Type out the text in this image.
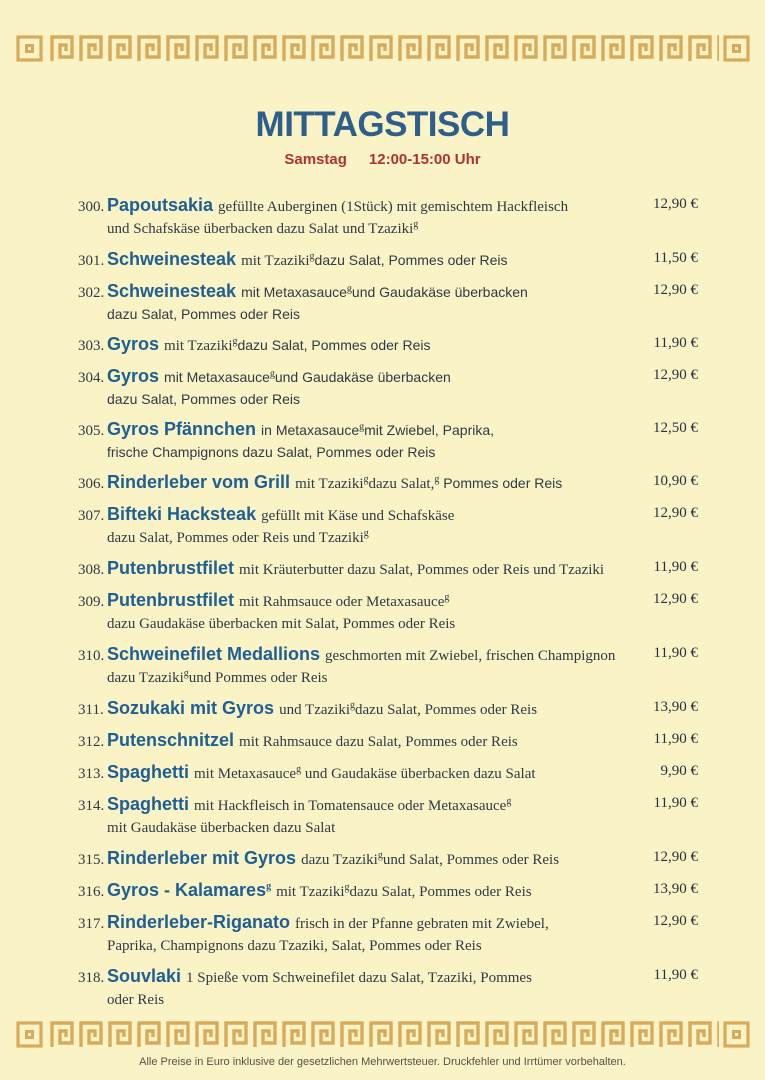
MITTAGSTISCH
Samstag 12:00-15:00 Uhr
300. Papoutsakia gefüllte Auberginen (1Stück) mit gemischtem Hackfleisch
und Schafskäse überbacken dazu Salat und Tzaziki$^g$
12,90 €
301. Schweinesteak mit Tzaziki$^g$dazu Salat, Pommes oder Reis	11,50 €
302. Schweinesteak mit Metaxasauce$^g$und Gaudakäse überbacken
dazu Salat, Pommes oder Reis
12,90 €
303. Gyros mit Tzaziki$^g$dazu Salat, Pommes oder Reis	11,90 €
304. Gyros mit Metaxasauce$^g$und Gaudakäse überbacken
dazu Salat, Pommes oder Reis
12,90 €
305. Gyros Pfännchen in Metaxasauce$^g$mit Zwiebel, Paprika,
frische Champignons dazu Salat, Pommes oder Reis
12,50 €
306. Rinderleber vom Grill mit Tzaziki$^g$dazu Salat,$^g$ Pommes oder Reis	10,90 €
307. Bifteki Hacksteak gefüllt mit Käse und Schafskäse
dazu Salat, Pommes oder Reis und Tzaziki$^g$
12,90 €
308. Putenbrustfilet mit Kräuterbutter dazu Salat, Pommes oder Reis und Tzaziki	11,90 €
309. Putenbrustfilet mit Rahmsauce oder Metaxasauce$^g$
dazu Gaudakäse überbacken mit Salat, Pommes oder Reis
12,90 €
310. Schweinefilet Medallions geschmorten mit Zwiebel, frischen Champignon
dazu Tzaziki$^g$und Pommes oder Reis
11,90 €
311. Sozukaki mit Gyros und Tzaziki$^g$dazu Salat, Pommes oder Reis	13,90 €
312. Putenschnitzel mit Rahmsauce dazu Salat, Pommes oder Reis	11,90 €
313. Spaghetti mit Metaxasauce$^g$ und Gaudakäse überbacken dazu Salat	9,90 €
314. Spaghetti mit Hackfleisch in Tomatensauce oder Metaxasauce$^g$
mit Gaudakäse überbacken dazu Salat
11,90 €
315. Rinderleber mit Gyros dazu Tzaziki$^g$und Salat, Pommes oder Reis	12,90 €
316. Gyros - Kalamares$^g$ mit Tzaziki$^g$dazu Salat, Pommes oder Reis	13,90 €
317. Rinderleber-Riganato frisch in der Pfanne gebraten mit Zwiebel,
Paprika, Champignons dazu Tzaziki, Salat, Pommes oder Reis
12,90 €
318. Souvlaki 1 Spieße vom Schweinefilet dazu Salat, Tzaziki, Pommes
oder Reis
11,90 €
Alle Preise in Euro inklusive der gesetzlichen Mehrwertsteuer. Druckfehler und Irrtümer vorbehalten.
